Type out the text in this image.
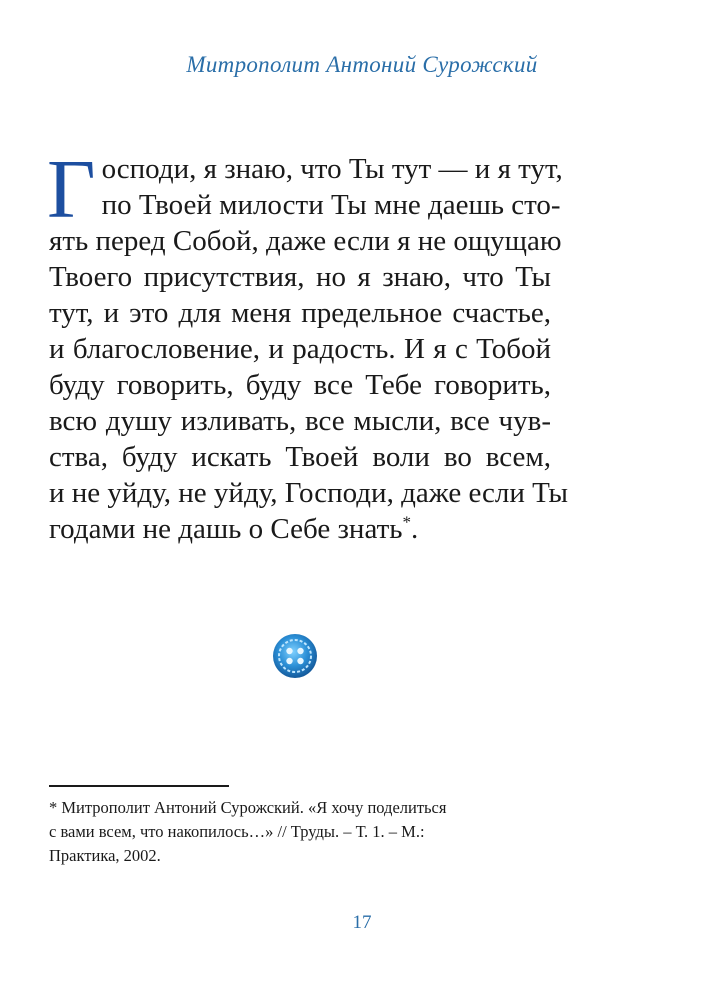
Митрополит Антоний Сурожский
Г осподи, я знаю, что Ты тут — и я тут,
по Твоей милости Ты мне даешь сто-
ять перед Собой, даже если я не ощущаю
Твоего присутствия, но я знаю, что Ты
тут, и это для меня предельное счастье,
и благословение, и радость. И я с Тобой
буду говорить, буду все Тебе говорить,
всю душу изливать, все мысли, все чув-
ства, буду искать Твоей воли во всем,
и не уйду, не уйду, Господи, даже если Ты
годами не дашь о Себе знать*.
* Митрополит Антоний Сурожский. «Я хочу поделиться
с вами всем, что накопилось…» // Труды. – Т. 1. – М.:
Практика, 2002.
17
